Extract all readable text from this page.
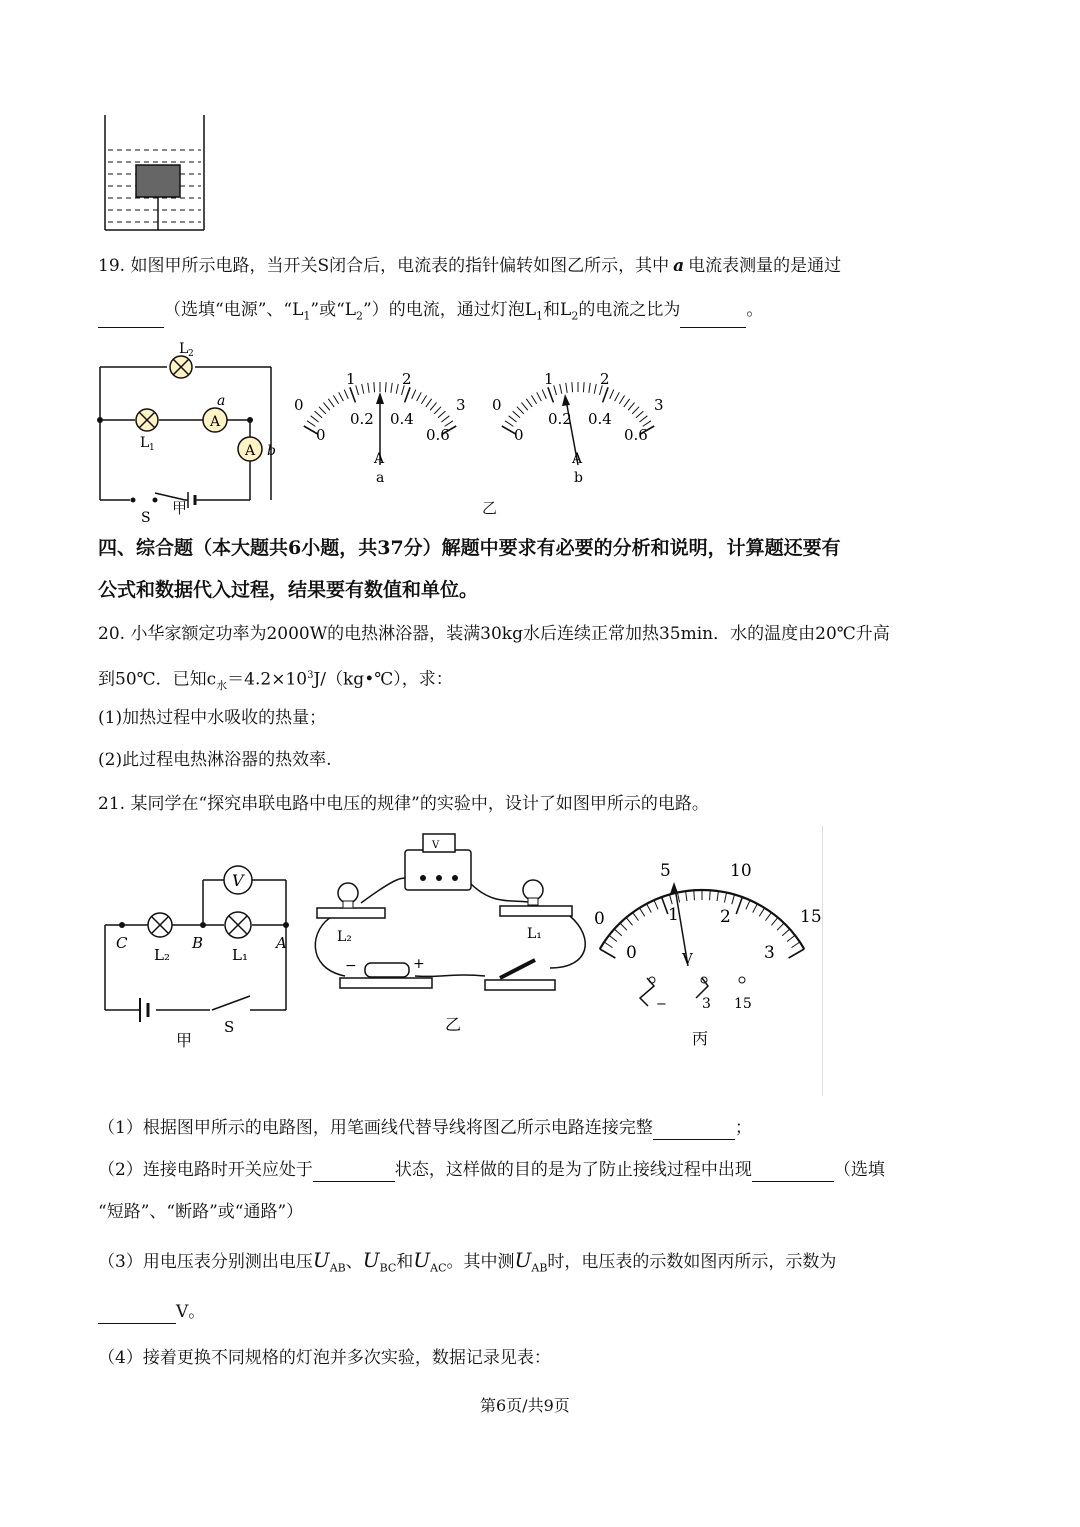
19. 如图甲所示电路，当开关S闭合后，电流表的指针偏转如图乙所示，其中 a 电流表测量的是通过
（选填“电源”、“$L_1$”或“$L_2$”）的电流，通过灯泡$L_1$和$L_2$的电流之比为	。
L 2
L 1
A
A
a
b
S
甲	乙
0
1	2
3
0
0.2 0.4
0.6
A
a
0
1	2
3
0
0.2 0.4
0.6
A
b
四、综合题（本大题共6小题，共37分）解题中要求有必要的分析和说明，计算题还要有
公式和数据代入过程，结果要有数值和单位。
20. 小华家额定功率为2000W的电热淋浴器，装满30kg水后连续正常加热35min．水的温度由20℃升高
到50℃．已知$c_水=4.2\times 10^3J/(kg•℃)$，求：
(1)加热过程中水吸收的热量；
(2)此过程电热淋浴器的热效率.
21. 某同学在“探究串联电路中电压的规律”的实验中，设计了如图甲所示的电路。
V
C	B	A
L₂	L₁
S
甲
V
L₂	L₁
−	+
乙
0
5	10
15
0
1 2
3
V
−	3 15
丙
（1）根据图甲所示的电路图，用笔画线代替导线将图乙所示电路连接完整	；
（2）连接电路时开关应处于	状态，这样做的目的是为了防止接线过程中出现	（选填
“短路”、“断路”或“通路”）
（3）用电压表分别测出电压$U_{AB}$、$U_{BC}$和$U_{AC}$。其中测$U_{AB}$时，电压表的示数如图丙所示，示数为
V。
（4）接着更换不同规格的灯泡并多次实验，数据记录见表：
第6页/共9页
